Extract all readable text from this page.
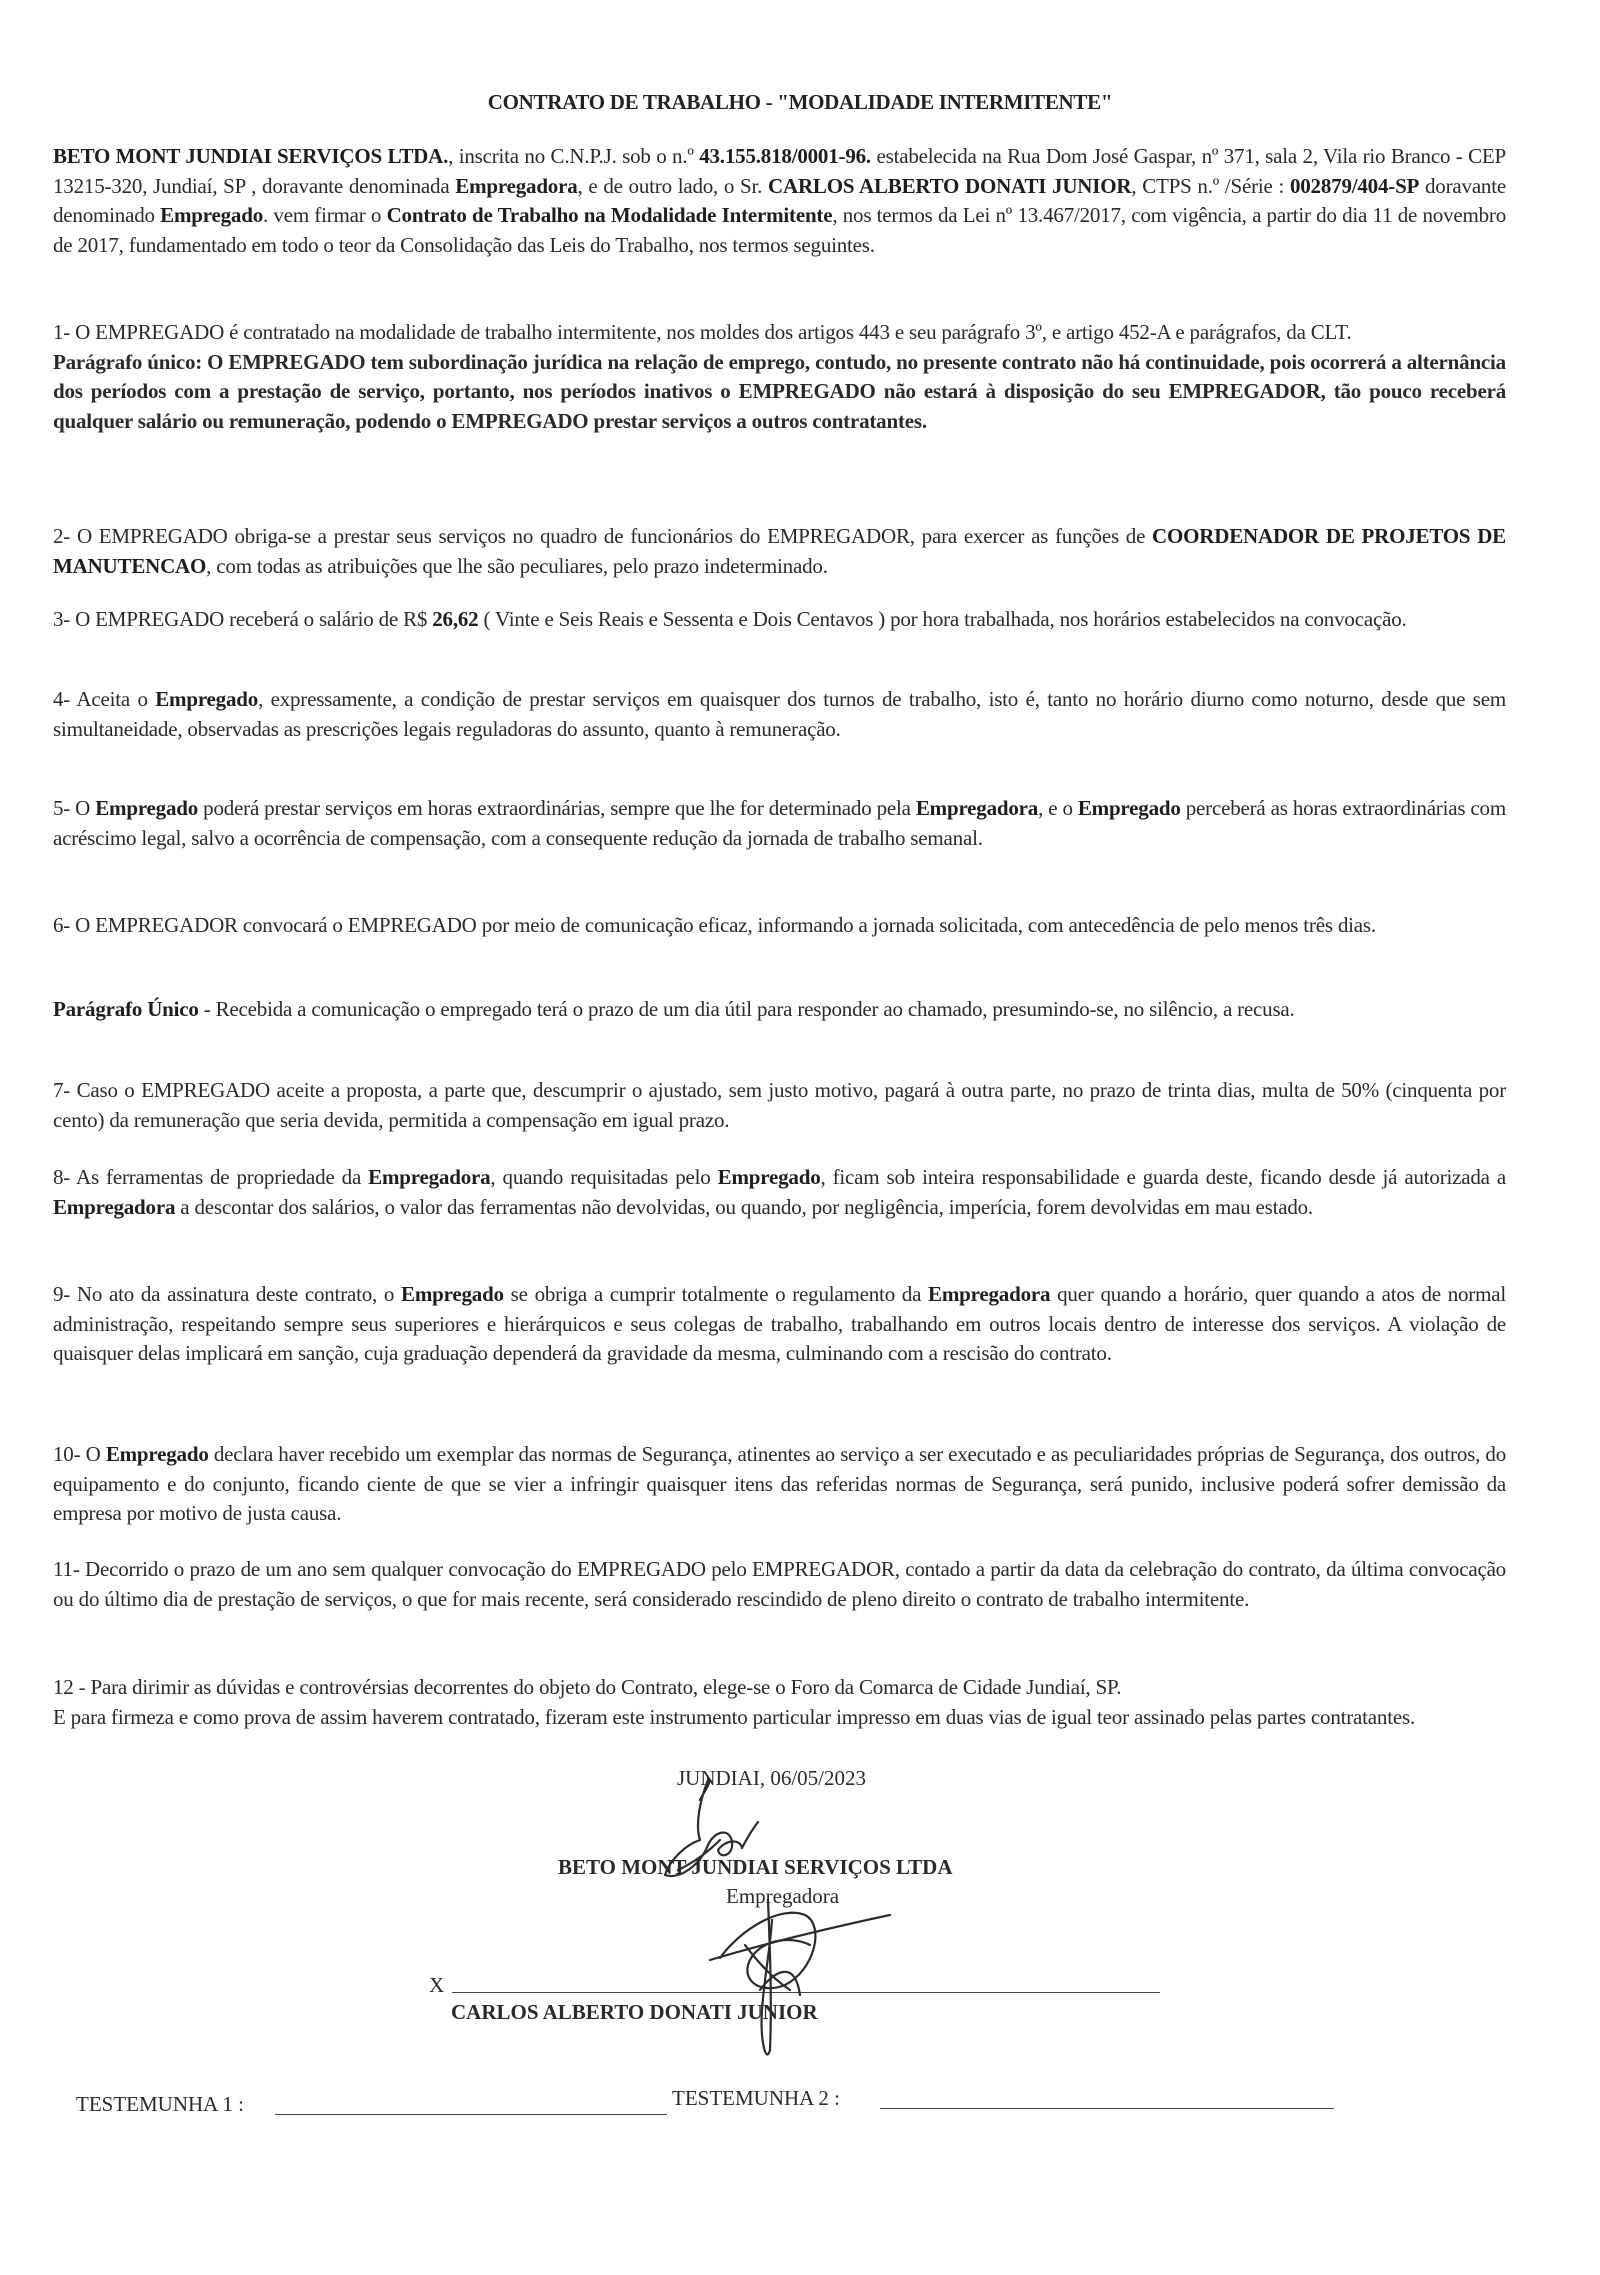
CONTRATO DE TRABALHO - "MODALIDADE INTERMITENTE"

BETO MONT JUNDIAI SERVIÇOS LTDA., inscrita no C.N.P.J. sob o n.º 43.155.818/0001-96. estabelecida na Rua Dom José Gaspar, nº 371, sala 2, Vila rio Branco - CEP 13215-320, Jundiaí, SP , doravante denominada Empregadora, e de outro lado, o Sr. CARLOS ALBERTO DONATI JUNIOR, CTPS n.º /Série : 002879/404-SP doravante denominado Empregado. vem firmar o Contrato de Trabalho na Modalidade Intermitente, nos termos da Lei nº 13.467/2017, com vigência, a partir do dia 11 de novembro de 2017, fundamentado em todo o teor da Consolidação das Leis do Trabalho, nos termos seguintes.

1- O EMPREGADO é contratado na modalidade de trabalho intermitente, nos moldes dos artigos 443 e seu parágrafo 3º, e artigo 452-A e parágrafos, da CLT.

Parágrafo único: O EMPREGADO tem subordinação jurídica na relação de emprego, contudo, no presente contrato não há continuidade, pois ocorrerá a alternância dos períodos com a prestação de serviço, portanto, nos períodos inativos o EMPREGADO não estará à disposição do seu EMPREGADOR, tão pouco receberá qualquer salário ou remuneração, podendo o EMPREGADO prestar serviços a outros contratantes.

2- O EMPREGADO obriga-se a prestar seus serviços no quadro de funcionários do EMPREGADOR, para exercer as funções de COORDENADOR DE PROJETOS DE MANUTENCAO, com todas as atribuições que lhe são peculiares, pelo prazo indeterminado.

3- O EMPREGADO receberá o salário de R$ 26,62 ( Vinte e Seis Reais e Sessenta e Dois Centavos ) por hora trabalhada, nos horários estabelecidos na convocação.

4- Aceita o Empregado, expressamente, a condição de prestar serviços em quaisquer dos turnos de trabalho, isto é, tanto no horário diurno como noturno, desde que sem simultaneidade, observadas as prescrições legais reguladoras do assunto, quanto à remuneração.

5- O Empregado poderá prestar serviços em horas extraordinárias, sempre que lhe for determinado pela Empregadora, e o Empregado perceberá as horas extraordinárias com acréscimo legal, salvo a ocorrência de compensação, com a consequente redução da jornada de trabalho semanal.

6- O EMPREGADOR convocará o EMPREGADO por meio de comunicação eficaz, informando a jornada solicitada, com antecedência de pelo menos três dias.

Parágrafo Único - Recebida a comunicação o empregado terá o prazo de um dia útil para responder ao chamado, presumindo-se, no silêncio, a recusa.

7- Caso o EMPREGADO aceite a proposta, a parte que, descumprir o ajustado, sem justo motivo, pagará à outra parte, no prazo de trinta dias, multa de 50% (cinquenta por cento) da remuneração que seria devida, permitida a compensação em igual prazo.

8- As ferramentas de propriedade da Empregadora, quando requisitadas pelo Empregado, ficam sob inteira responsabilidade e guarda deste, ficando desde já autorizada a Empregadora a descontar dos salários, o valor das ferramentas não devolvidas, ou quando, por negligência, imperícia, forem devolvidas em mau estado.

9- No ato da assinatura deste contrato, o Empregado se obriga a cumprir totalmente o regulamento da Empregadora quer quando a horário, quer quando a atos de normal administração, respeitando sempre seus superiores e hierárquicos e seus colegas de trabalho, trabalhando em outros locais dentro de interesse dos serviços. A violação de quaisquer delas implicará em sanção, cuja graduação dependerá da gravidade da mesma, culminando com a rescisão do contrato.

10- O Empregado declara haver recebido um exemplar das normas de Segurança, atinentes ao serviço a ser executado e as peculiaridades próprias de Segurança, dos outros, do equipamento e do conjunto, ficando ciente de que se vier a infringir quaisquer itens das referidas normas de Segurança, será punido, inclusive poderá sofrer demissão da empresa por motivo de justa causa.

11- Decorrido o prazo de um ano sem qualquer convocação do EMPREGADO pelo EMPREGADOR, contado a partir da data da celebração do contrato, da última convocação ou do último dia de prestação de serviços, o que for mais recente, será considerado rescindido de pleno direito o contrato de trabalho intermitente.

12 - Para dirimir as dúvidas e controvérsias decorrentes do objeto do Contrato, elege-se o Foro da Comarca de Cidade Jundiaí, SP.

E para firmeza e como prova de assim haverem contratado, fizeram este instrumento particular impresso em duas vias de igual teor assinado pelas partes contratantes.

JUNDIAI, 06/05/2023
BETO MONT JUNDIAI SERVIÇOS LTDA
Empregadora
X
CARLOS ALBERTO DONATI JUNIOR
TESTEMUNHA 1 :	TESTEMUNHA 2 :
